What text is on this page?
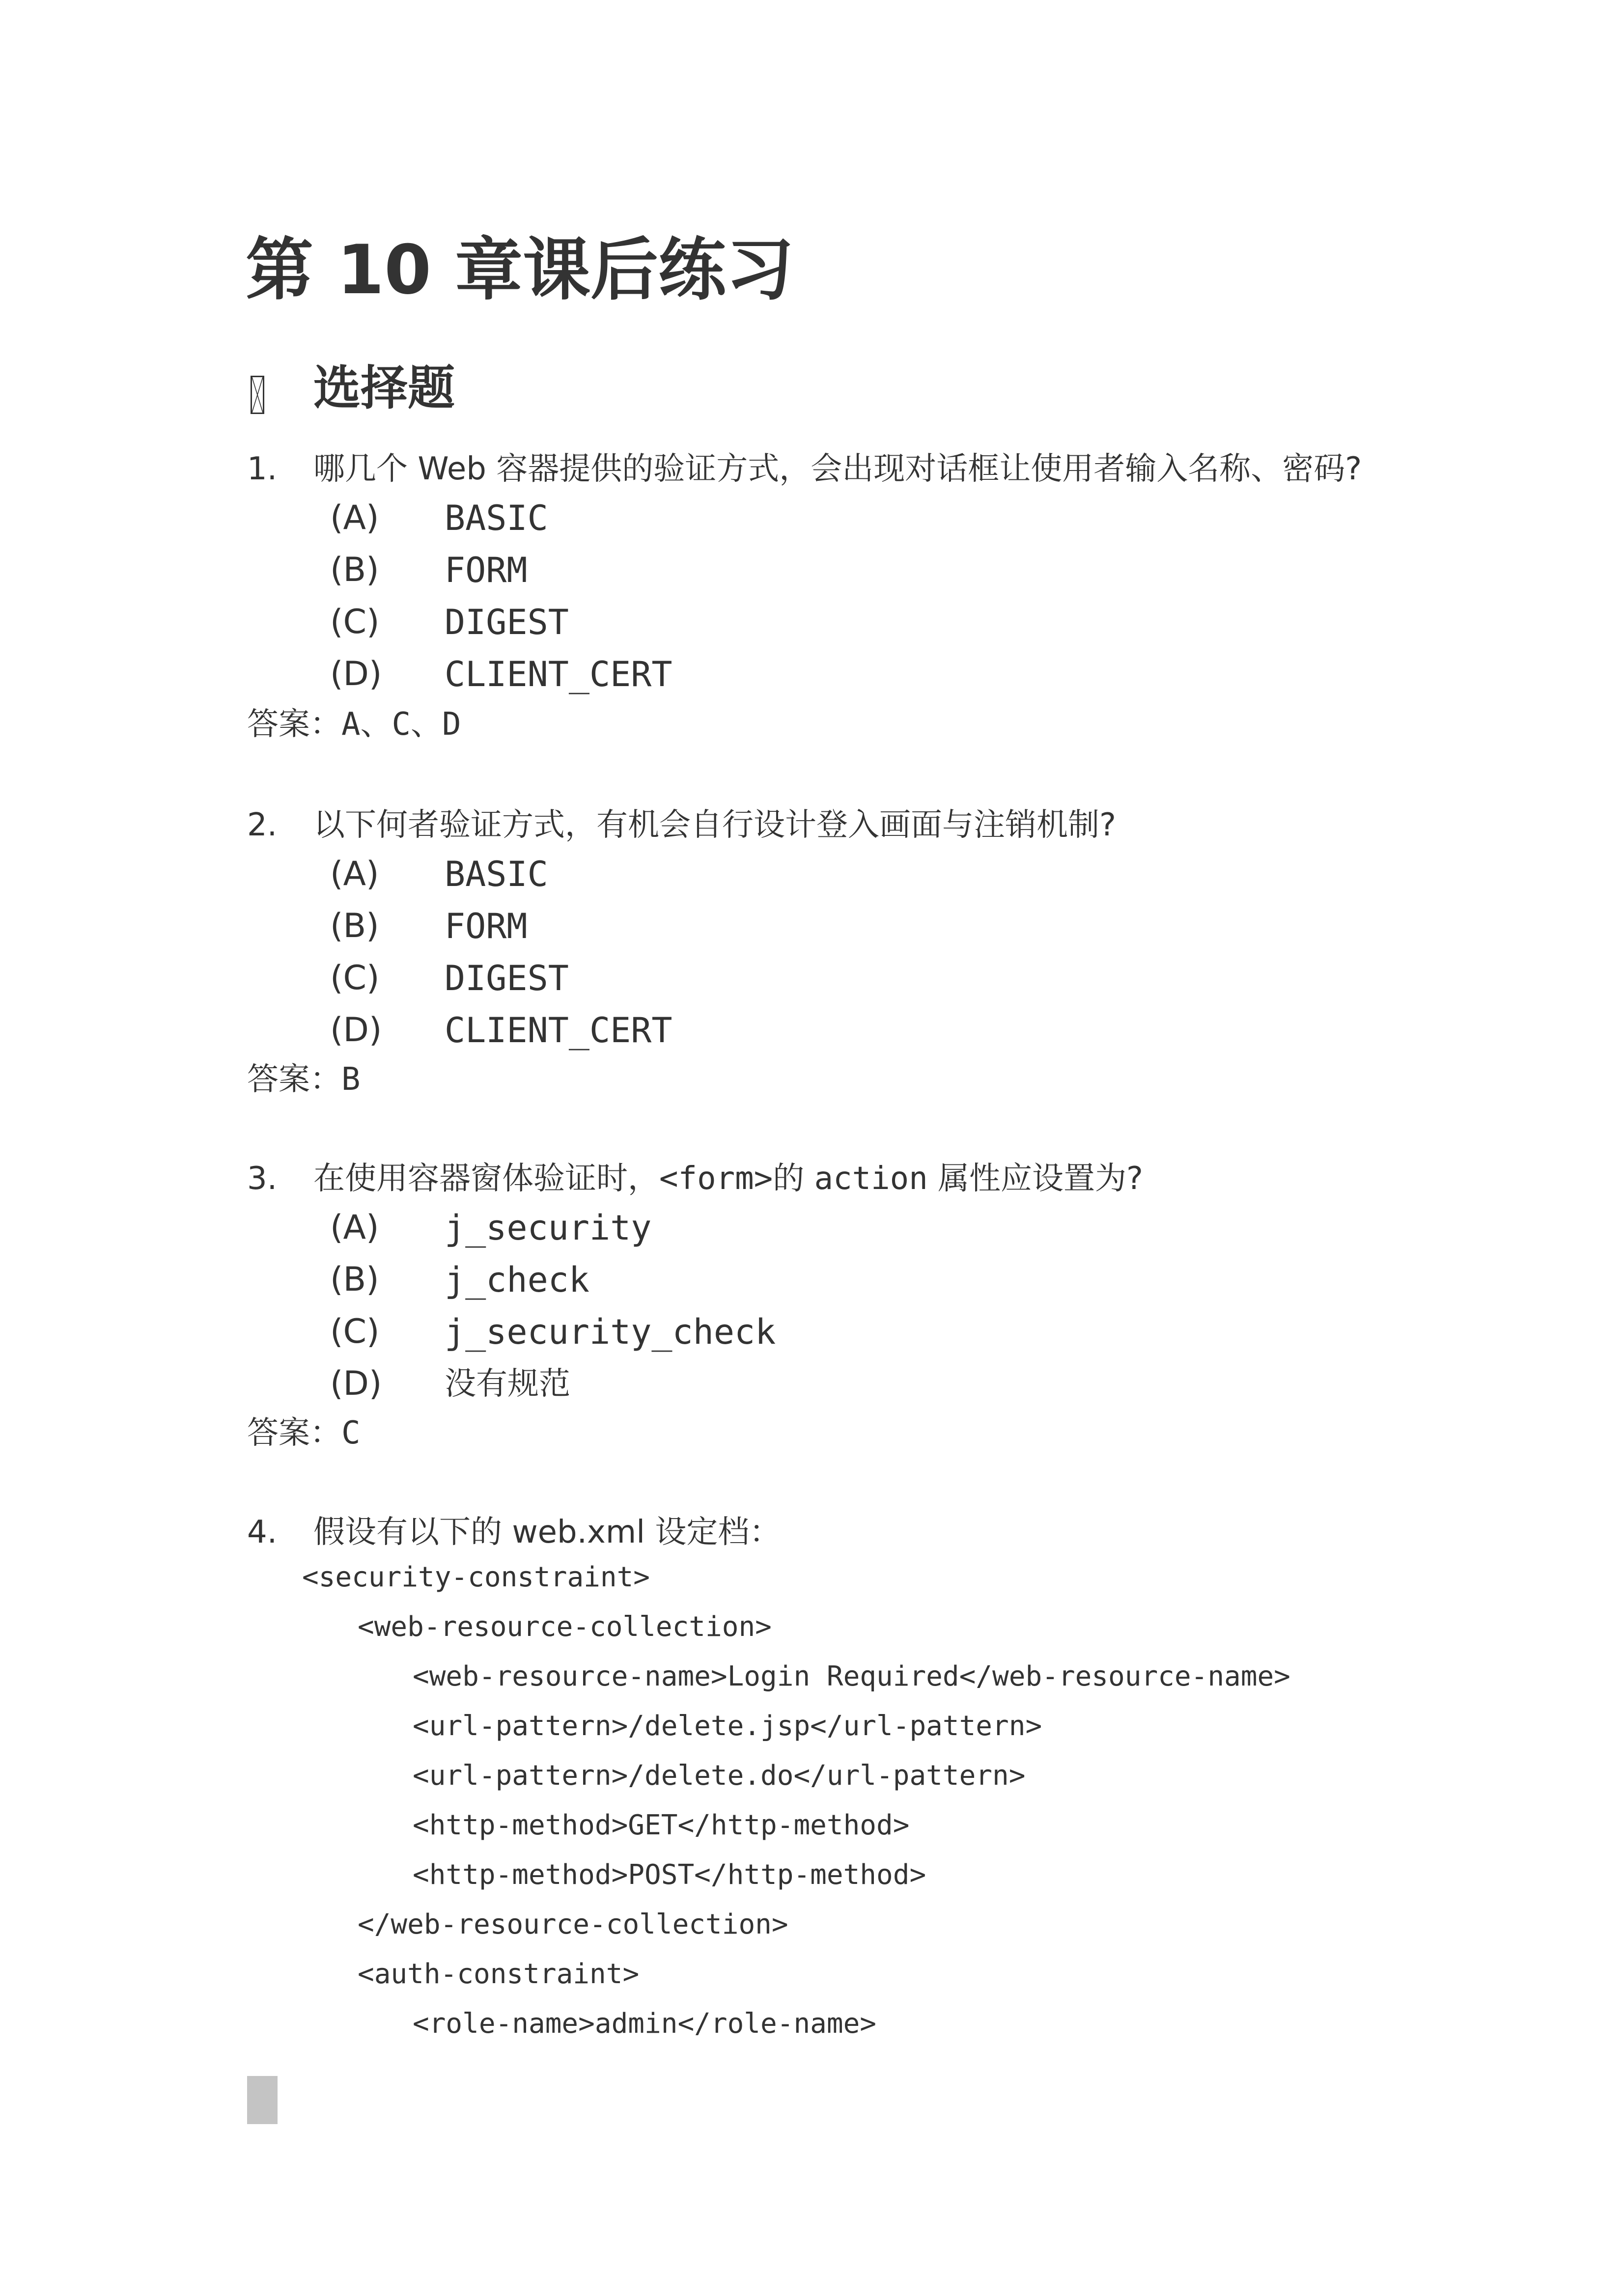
第 10 章课后练习
选择题
1. 哪几个 Web 容器提供的验证方式，会出现对话框让使用者输入名称、密码?
(A) BASIC
(B) FORM
(C) DIGEST
(D) CLIENT_CERT
答案：A、C、D
2. 以下何者验证方式，有机会自行设计登入画面与注销机制?
(A) BASIC
(B) FORM
(C) DIGEST
(D) CLIENT_CERT
答案：B
3. 在使用容器窗体验证时，<form>的 action 属性应设置为?
(A) j_security
(B) j_check
(C) j_security_check
(D) 没有规范
答案：C
4. 假设有以下的 web.xml 设定档：
<security-constraint>
<web-resource-collection>
<web-resource-name>Login Required</web-resource-name>
<url-pattern>/delete.jsp</url-pattern>
<url-pattern>/delete.do</url-pattern>
<http-method>GET</http-method>
<http-method>POST</http-method>
</web-resource-collection>
<auth-constraint>
<role-name>admin</role-name>
